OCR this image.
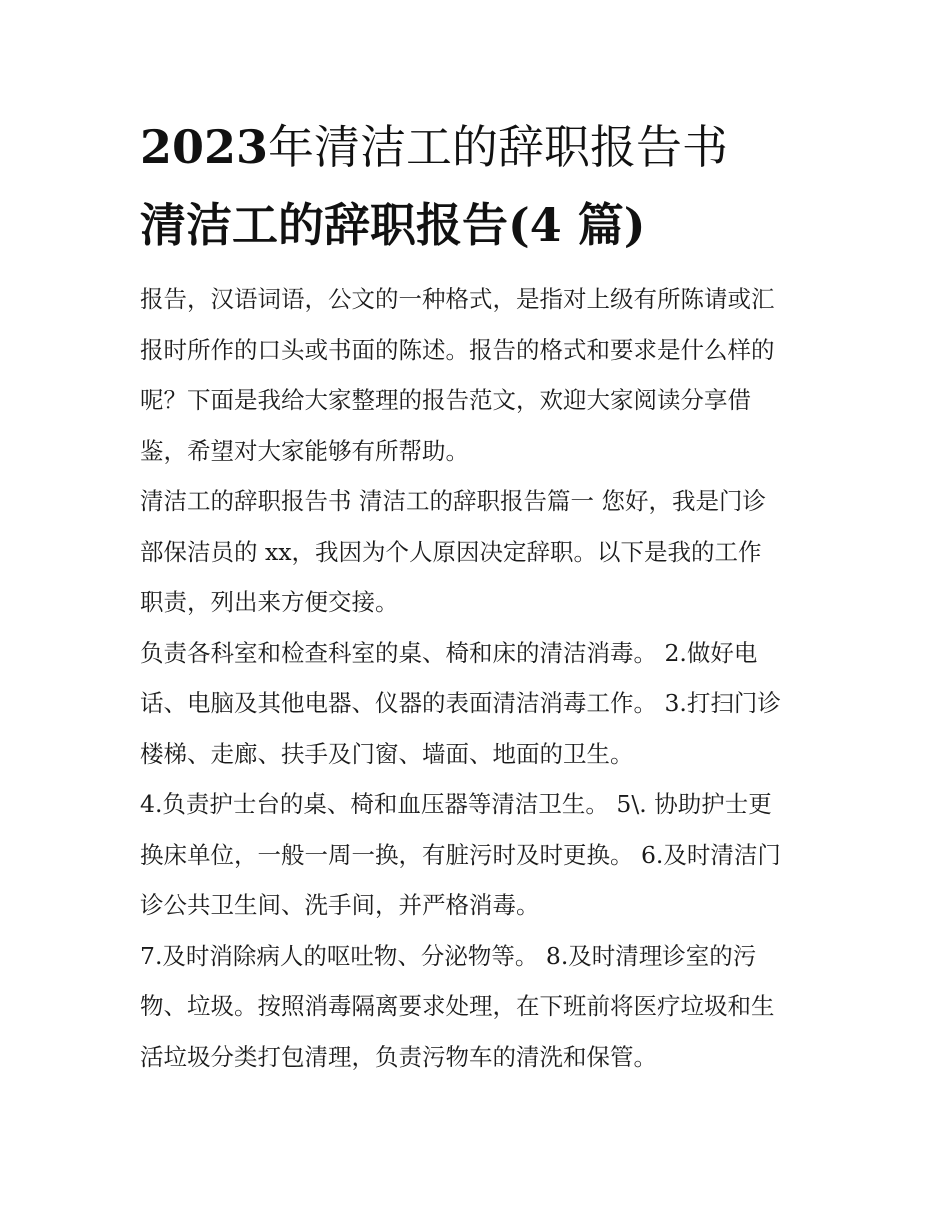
2023年清洁工的辞职报告书
清洁工的辞职报告(4 篇)

报告，汉语词语，公文的一种格式，是指对上级有所陈请或汇
报时所作的口头或书面的陈述。报告的格式和要求是什么样的
呢？下面是我给大家整理的报告范文，欢迎大家阅读分享借
鉴，希望对大家能够有所帮助。

清洁工的辞职报告书 清洁工的辞职报告篇一 您好，我是门诊
部保洁员的 xx，我因为个人原因决定辞职。以下是我的工作
职责，列出来方便交接。

负责各科室和检查科室的桌、椅和床的清洁消毒。 2.做好电
话、电脑及其他电器、仪器的表面清洁消毒工作。 3.打扫门诊
楼梯、走廊、扶手及门窗、墙面、地面的卫生。

4.负责护士台的桌、椅和血压器等清洁卫生。 5\. 协助护士更
换床单位，一般一周一换，有脏污时及时更换。 6.及时清洁门
诊公共卫生间、洗手间，并严格消毒。

7.及时消除病人的呕吐物、分泌物等。 8.及时清理诊室的污
物、垃圾。按照消毒隔离要求处理，在下班前将医疗垃圾和生
活垃圾分类打包清理，负责污物车的清洗和保管。
